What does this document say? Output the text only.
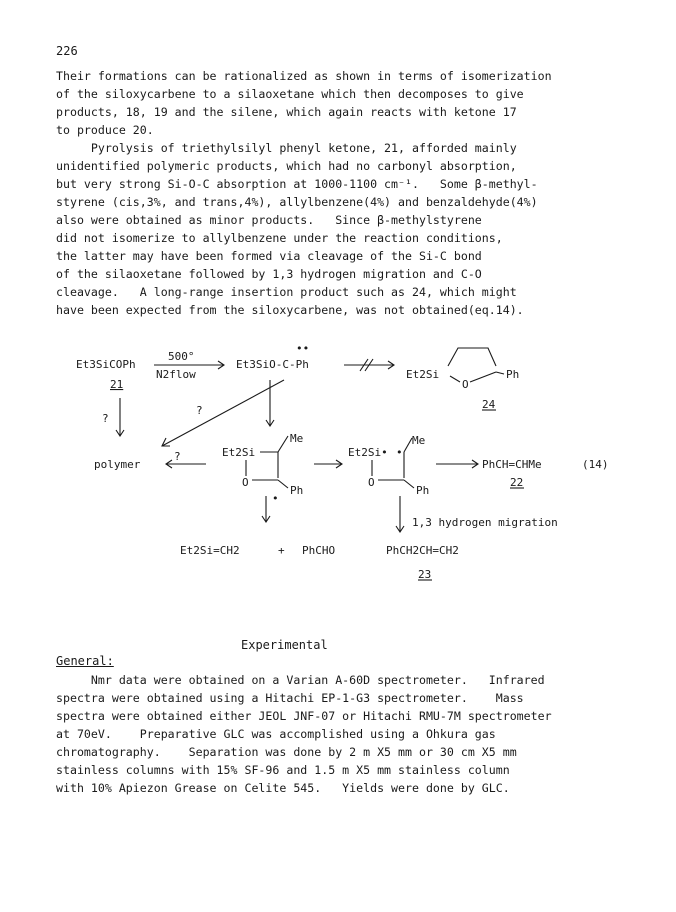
226
Their formations can be rationalized as shown in terms of isomerization
of the siloxycarbene to a silaoxetane which then decomposes to give
products, 18, 19 and the silene, which again reacts with ketone 17
to produce 20.
Pyrolysis of triethylsilyl phenyl ketone, 21, afforded mainly
unidentified polymeric products, which had no carbonyl absorption,
but very strong Si-O-C absorption at 1000-1100 cm⁻¹.   Some β-methyl-
styrene (cis,3%, and trans,4%), allylbenzene(4%) and benzaldehyde(4%)
also were obtained as minor products.   Since β-methylstyrene
did not isomerize to allylbenzene under the reaction conditions,
the latter may have been formed via cleavage of the Si-C bond
of the silaoxetane followed by 1,3 hydrogen migration and C-O
cleavage.   A long-range insertion product such as 24, which might
have been expected from the siloxycarbene, was not obtained(eq.14).
Et3SiCOPh
500°
N2flow
Et3SiO-C-Ph
••
21
Et2Si
O
Ph
24
?
?
polymer
?	Et2Si
O
Me
Ph
Et2Si• •
O
Me
Ph
PhCH=CHMe	(14)
22
•
1,3 hydrogen migration
Et2Si=CH2	+ PhCHO	PhCH2CH=CH2
23
Experimental
General:
Nmr data were obtained on a Varian A-60D spectrometer.   Infrared
spectra were obtained using a Hitachi EP-1-G3 spectrometer.    Mass
spectra were obtained either JEOL JNF-07 or Hitachi RMU-7M spectrometer
at 70eV.    Preparative GLC was accomplished using a Ohkura gas
chromatography.    Separation was done by 2 m X5 mm or 30 cm X5 mm
stainless columns with 15% SF-96 and 1.5 m X5 mm stainless column
with 10% Apiezon Grease on Celite 545.   Yields were done by GLC.
